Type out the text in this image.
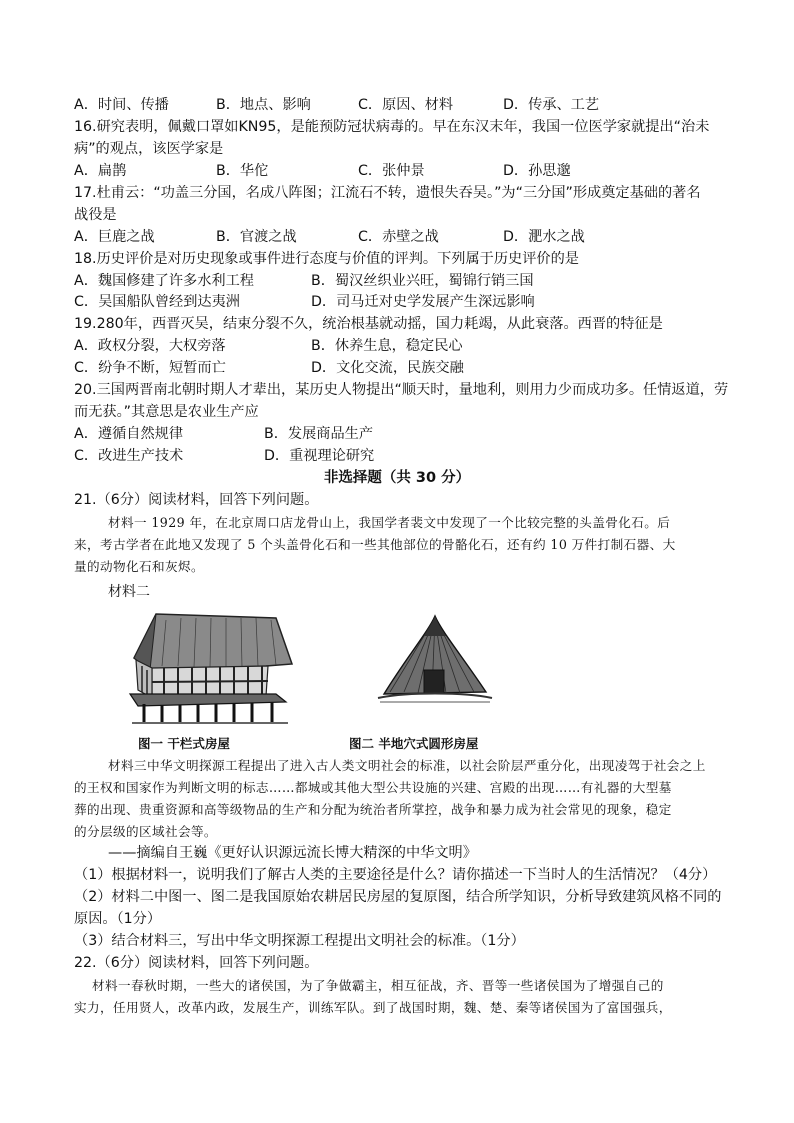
A．时间、传播	B．地点、影响	C．原因、材料	D．传承、工艺
16.研究表明，佩戴口罩如KN95，是能预防冠状病毒的。早在东汉末年，我国一位医学家就提出“治未
病”的观点，该医学家是
A．扁鹊	B．华佗	C．张仲景	D．孙思邈
17.杜甫云：“功盖三分国，名成八阵图；江流石不转，遗恨失吞吴。”为“三分国”形成奠定基础的著名
战役是
A．巨鹿之战	B．官渡之战	C．赤壁之战	D．淝水之战
18.历史评价是对历史现象或事件进行态度与价值的评判。下列属于历史评价的是
A．魏国修建了许多水利工程	B．蜀汉丝织业兴旺，蜀锦行销三国
C．吴国船队曾经到达夷洲	D．司马迁对史学发展产生深远影响
19.280年，西晋灭吴，结束分裂不久，统治根基就动摇，国力耗竭，从此衰落。西晋的特征是
A．政权分裂，大权旁落	B．休养生息，稳定民心
C．纷争不断，短暂而亡	D．文化交流，民族交融
20.三国两晋南北朝时期人才辈出，某历史人物提出“顺天时，量地利，则用力少而成功多。任情返道，劳
而无获。”其意思是农业生产应
A．遵循自然规律	B．发展商品生产
C．改进生产技术	D．重视理论研究
非选择题（共 30 分）
21.（6分）阅读材料，回答下列问题。
材料一 1929 年，在北京周口店龙骨山上，我国学者裴文中发现了一个比较完整的头盖骨化石。后
来，考古学者在此地又发现了 5 个头盖骨化石和一些其他部位的骨骼化石，还有约 10 万件打制石器、大
量的动物化石和灰烬。
材料二
图一 干栏式房屋	图二 半地穴式圆形房屋
材料三中华文明探源工程提出了进入古人类文明社会的标准，以社会阶层严重分化，出现凌驾于社会之上
的王权和国家作为判断文明的标志……都城或其他大型公共设施的兴建、宫殿的出现……有礼器的大型墓
葬的出现、贵重资源和高等级物品的生产和分配为统治者所掌控，战争和暴力成为社会常见的现象，稳定
的分层级的区域社会等。
——摘编自王巍《更好认识源远流长博大精深的中华文明》
（1）根据材料一，说明我们了解古人类的主要途径是什么？请你描述一下当时人的生活情况？（4分）
（2）材料二中图一、图二是我国原始农耕居民房屋的复原图，结合所学知识，分析导致建筑风格不同的
原因。（1分）
（3）结合材料三，写出中华文明探源工程提出文明社会的标准。（1分）
22.（6分）阅读材料，回答下列问题。
材料一春秋时期，一些大的诸侯国，为了争做霸主，相互征战，齐、晋等一些诸侯国为了增强自己的
实力，任用贤人，改革内政，发展生产，训练军队。到了战国时期，魏、楚、秦等诸侯国为了富国强兵，
